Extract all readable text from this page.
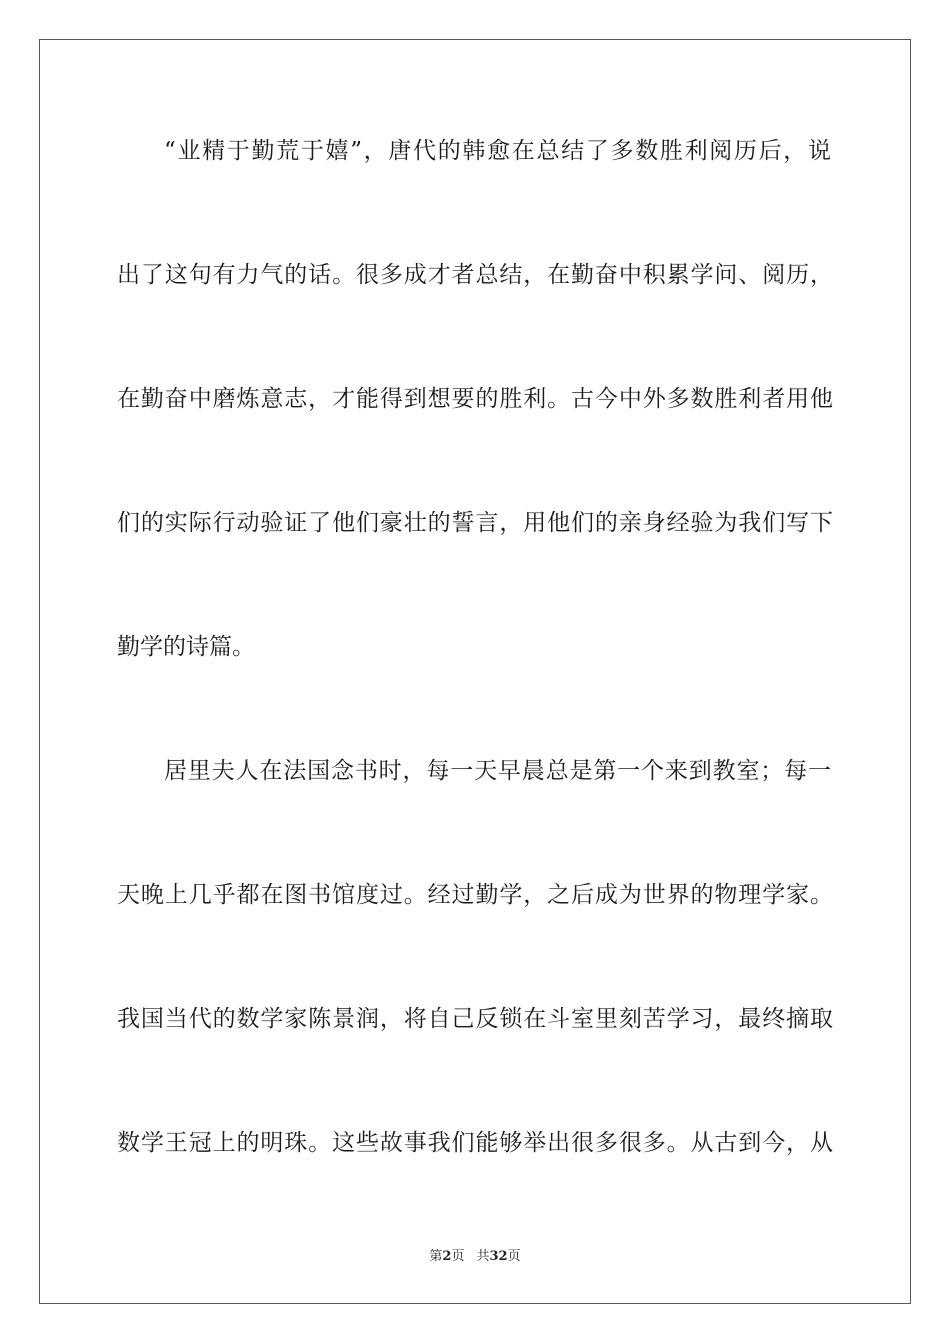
“业精于勤荒于嬉”，唐代的韩愈在总结了多数胜利阅历后，说
出了这句有力气的话。很多成才者总结，在勤奋中积累学问、阅历，
在勤奋中磨炼意志，才能得到想要的胜利。古今中外多数胜利者用他
们的实际行动验证了他们豪壮的誓言，用他们的亲身经验为我们写下
勤学的诗篇。
居里夫人在法国念书时，每一天早晨总是第一个来到教室；每一
天晚上几乎都在图书馆度过。经过勤学，之后成为世界的物理学家。
我国当代的数学家陈景润，将自己反锁在斗室里刻苦学习，最终摘取
数学王冠上的明珠。这些故事我们能够举出很多很多。从古到今，从
第2页 共32页
